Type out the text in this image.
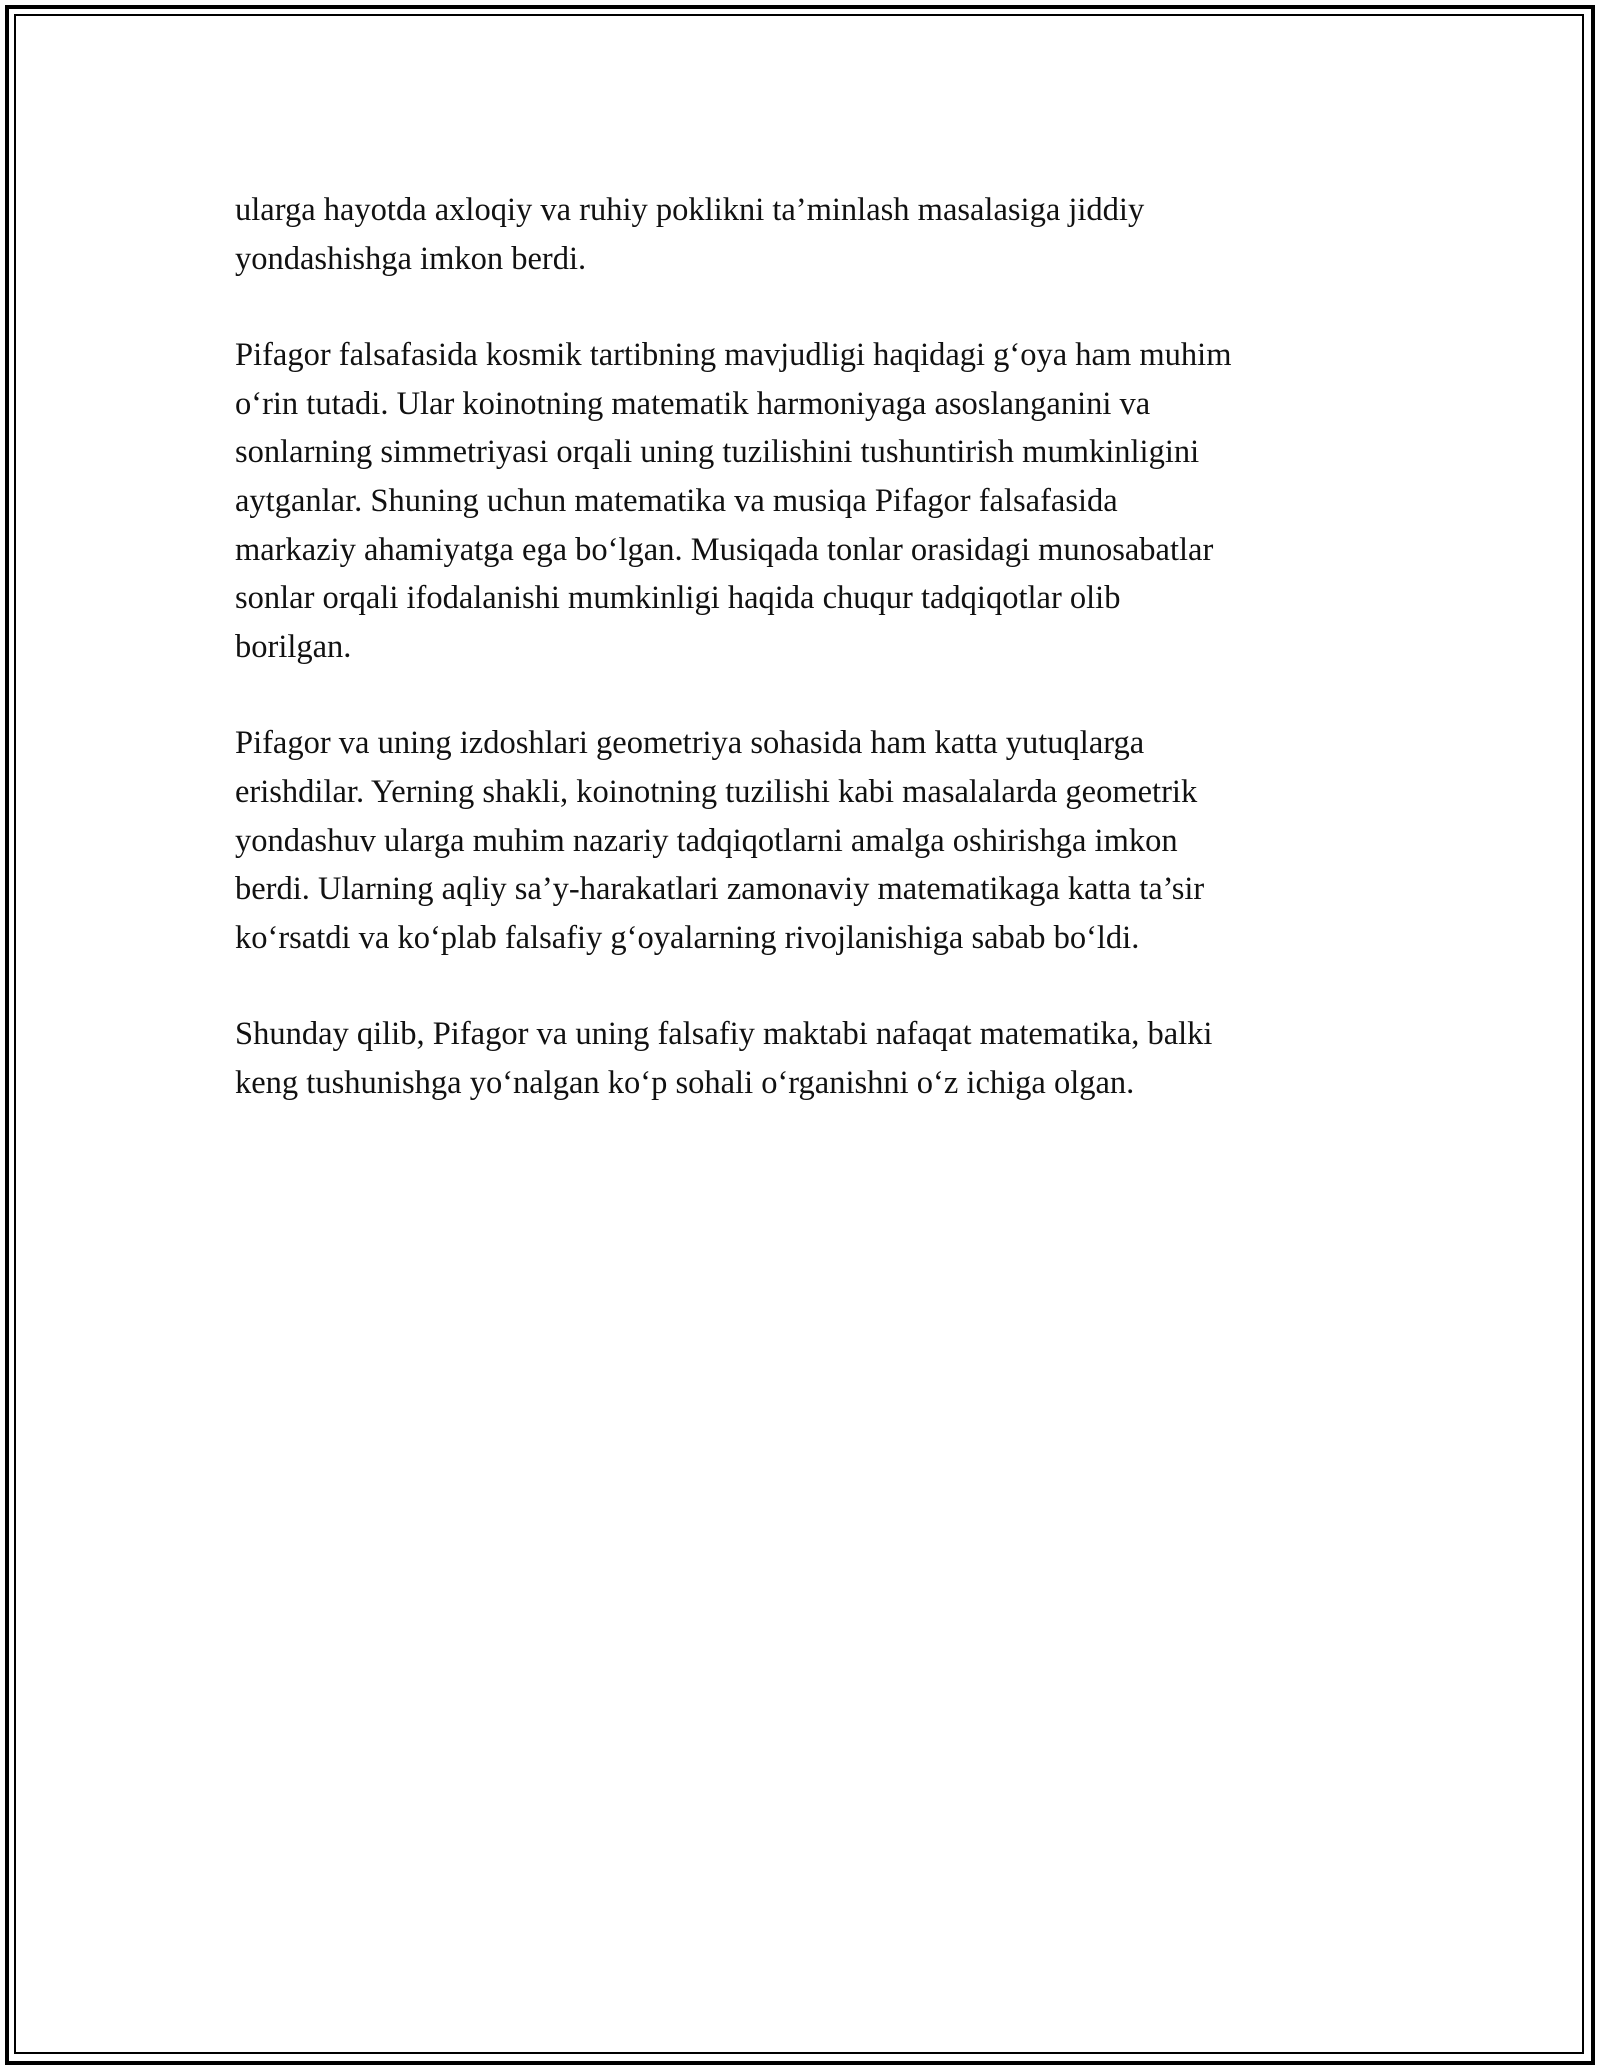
ularga hayotda axloqiy va ruhiy poklikni ta’minlash masalasiga jiddiy
yondashishga imkon berdi.

Pifagor falsafasida kosmik tartibning mavjudligi haqidagi g‘oya ham muhim
o‘rin tutadi. Ular koinotning matematik harmoniyaga asoslanganini va
sonlarning simmetriyasi orqali uning tuzilishini tushuntirish mumkinligini
aytganlar. Shuning uchun matematika va musiqa Pifagor falsafasida
markaziy ahamiyatga ega bo‘lgan. Musiqada tonlar orasidagi munosabatlar
sonlar orqali ifodalanishi mumkinligi haqida chuqur tadqiqotlar olib
borilgan.

Pifagor va uning izdoshlari geometriya sohasida ham katta yutuqlarga
erishdilar. Yerning shakli, koinotning tuzilishi kabi masalalarda geometrik
yondashuv ularga muhim nazariy tadqiqotlarni amalga oshirishga imkon
berdi. Ularning aqliy sa’y-harakatlari zamonaviy matematikaga katta ta’sir
ko‘rsatdi va ko‘plab falsafiy g‘oyalarning rivojlanishiga sabab bo‘ldi.

Shunday qilib, Pifagor va uning falsafiy maktabi nafaqat matematika, balki
keng tushunishga yo‘nalgan ko‘p sohali o‘rganishni o‘z ichiga olgan.
